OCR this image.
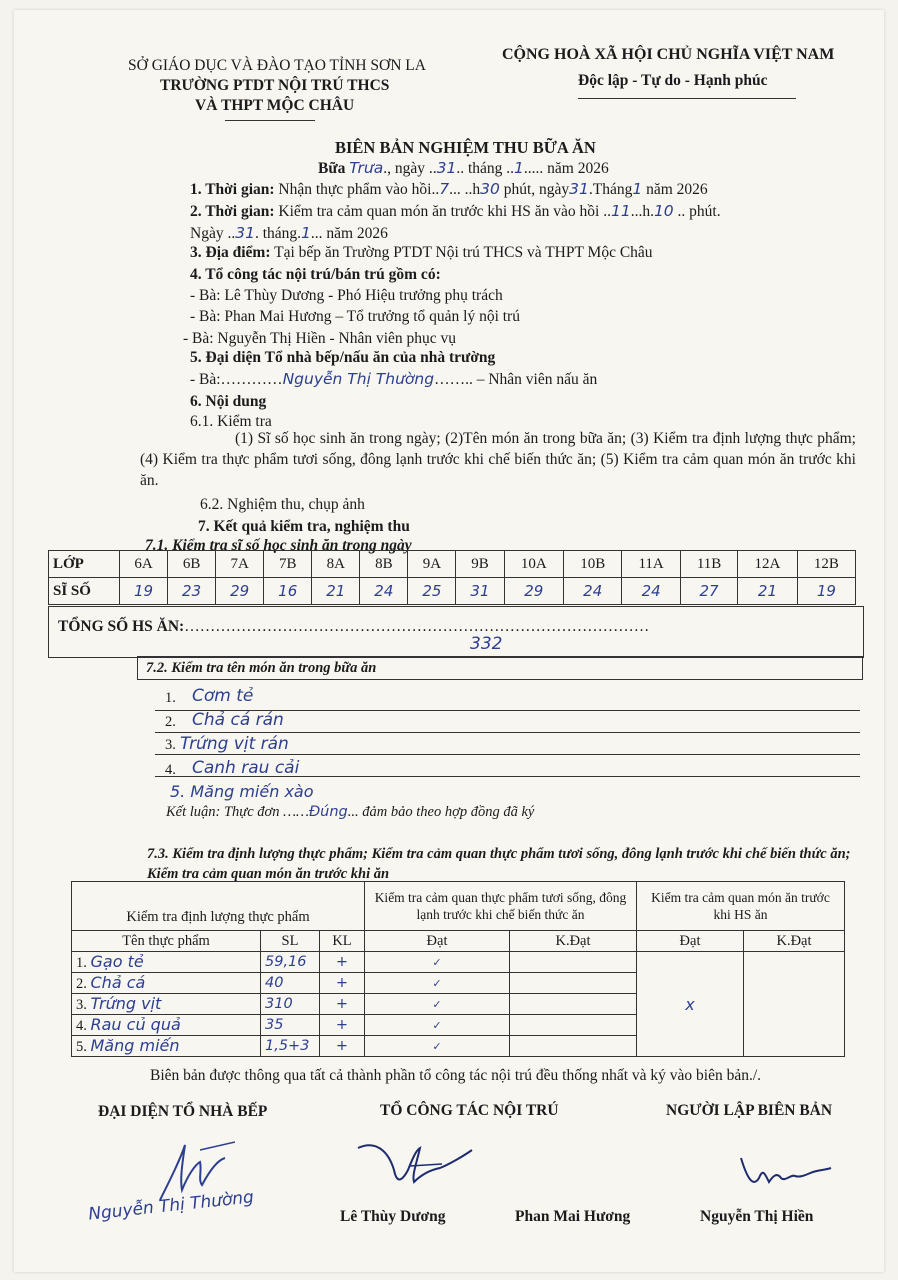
SỞ GIÁO DỤC VÀ ĐÀO TẠO TỈNH SƠN LA
TRƯỜNG PTDT NỘI TRÚ THCS
VÀ THPT MỘC CHÂU
CỘNG HOÀ XÃ HỘI CHỦ NGHĨA VIỆT NAM
Độc lập - Tự do - Hạnh phúc
BIÊN BẢN NGHIỆM THU BỮA ĂN
Bữa Trưa., ngày ..31.. tháng ..1..... năm 2026
1. Thời gian: Nhận thực phẩm vào hồi..7... ..h30 phút, ngày31.Tháng1 năm 2026
2. Thời gian: Kiểm tra cảm quan món ăn trước khi HS ăn vào hồi ..11...h.10 .. phút.
Ngày ..31. tháng.1... năm 2026
3. Địa điểm: Tại bếp ăn Trường PTDT Nội trú THCS và THPT Mộc Châu
4. Tổ công tác nội trú/bán trú gồm có:
- Bà: Lê Thùy Dương - Phó Hiệu trưởng phụ trách
- Bà: Phan Mai Hương – Tổ trưởng tổ quản lý nội trú
- Bà: Nguyễn Thị Hiền - Nhân viên phục vụ
5. Đại diện Tổ nhà bếp/nấu ăn của nhà trường
- Bà:…………Nguyễn Thị Thường…….. – Nhân viên nấu ăn
6. Nội dung
6.1. Kiểm tra
(1) Sĩ số học sinh ăn trong ngày; (2)Tên món ăn trong bữa ăn; (3) Kiểm tra định lượng thực phẩm; (4) Kiểm tra thực phẩm tươi sống, đông lạnh trước khi chế biến thức ăn; (5) Kiểm tra cảm quan món ăn trước khi ăn.
6.2. Nghiệm thu, chụp ảnh
7. Kết quả kiểm tra, nghiệm thu
7.1. Kiểm tra sĩ số học sinh ăn trong ngày
LỚP	6A	6B	7A	7B	8A	8B	9A	9B	10A	10B	11A	11B	12A	12B
SĨ SỐ	19	23	29	16	21	24	25	31	29	24	24	27	21	19
TỔNG SỐ HS ĂN:………………………………………………………………………………
332
7.2. Kiểm tra tên món ăn trong bữa ăn
1. Cơm tẻ
2. Chả cá rán
3. Trứng vịt rán
4. Canh rau cải
5. Măng miến xào
Kết luận: Thực đơn ……Đúng... đảm bảo theo hợp đồng đã ký
7.3. Kiểm tra định lượng thực phẩm; Kiểm tra cảm quan thực phẩm tươi sống, đông lạnh trước khi chế biến thức ăn; Kiểm tra cảm quan món ăn trước khi ăn
Kiểm tra định lượng thực phẩm			Kiểm tra cảm quan thực phẩm tươi sống, đông lạnh trước khi chế biến thức ăn		Kiểm tra cảm quan món ăn trước khi HS ăn	
Tên thực phẩm	SL	KL	Đạt	K.Đạt	Đạt	K.Đạt
1. Gạo tẻ	59,16	+	✓		x	
2. Chả cá	40	+	✓			
3. Trứng vịt	310	+	✓			
4. Rau củ quả	35	+	✓			
5. Măng miến	1,5+3	+	✓			
Biên bản được thông qua tất cả thành phần tổ công tác nội trú đều thống nhất và ký vào biên bản./.
ĐẠI DIỆN TỔ NHÀ BẾP	TỔ CÔNG TÁC NỘI TRÚ	NGƯỜI LẬP BIÊN BẢN
Nguyễn Thị Thường	Lê Thùy Dương	Phan Mai Hương	Nguyễn Thị Hiền
